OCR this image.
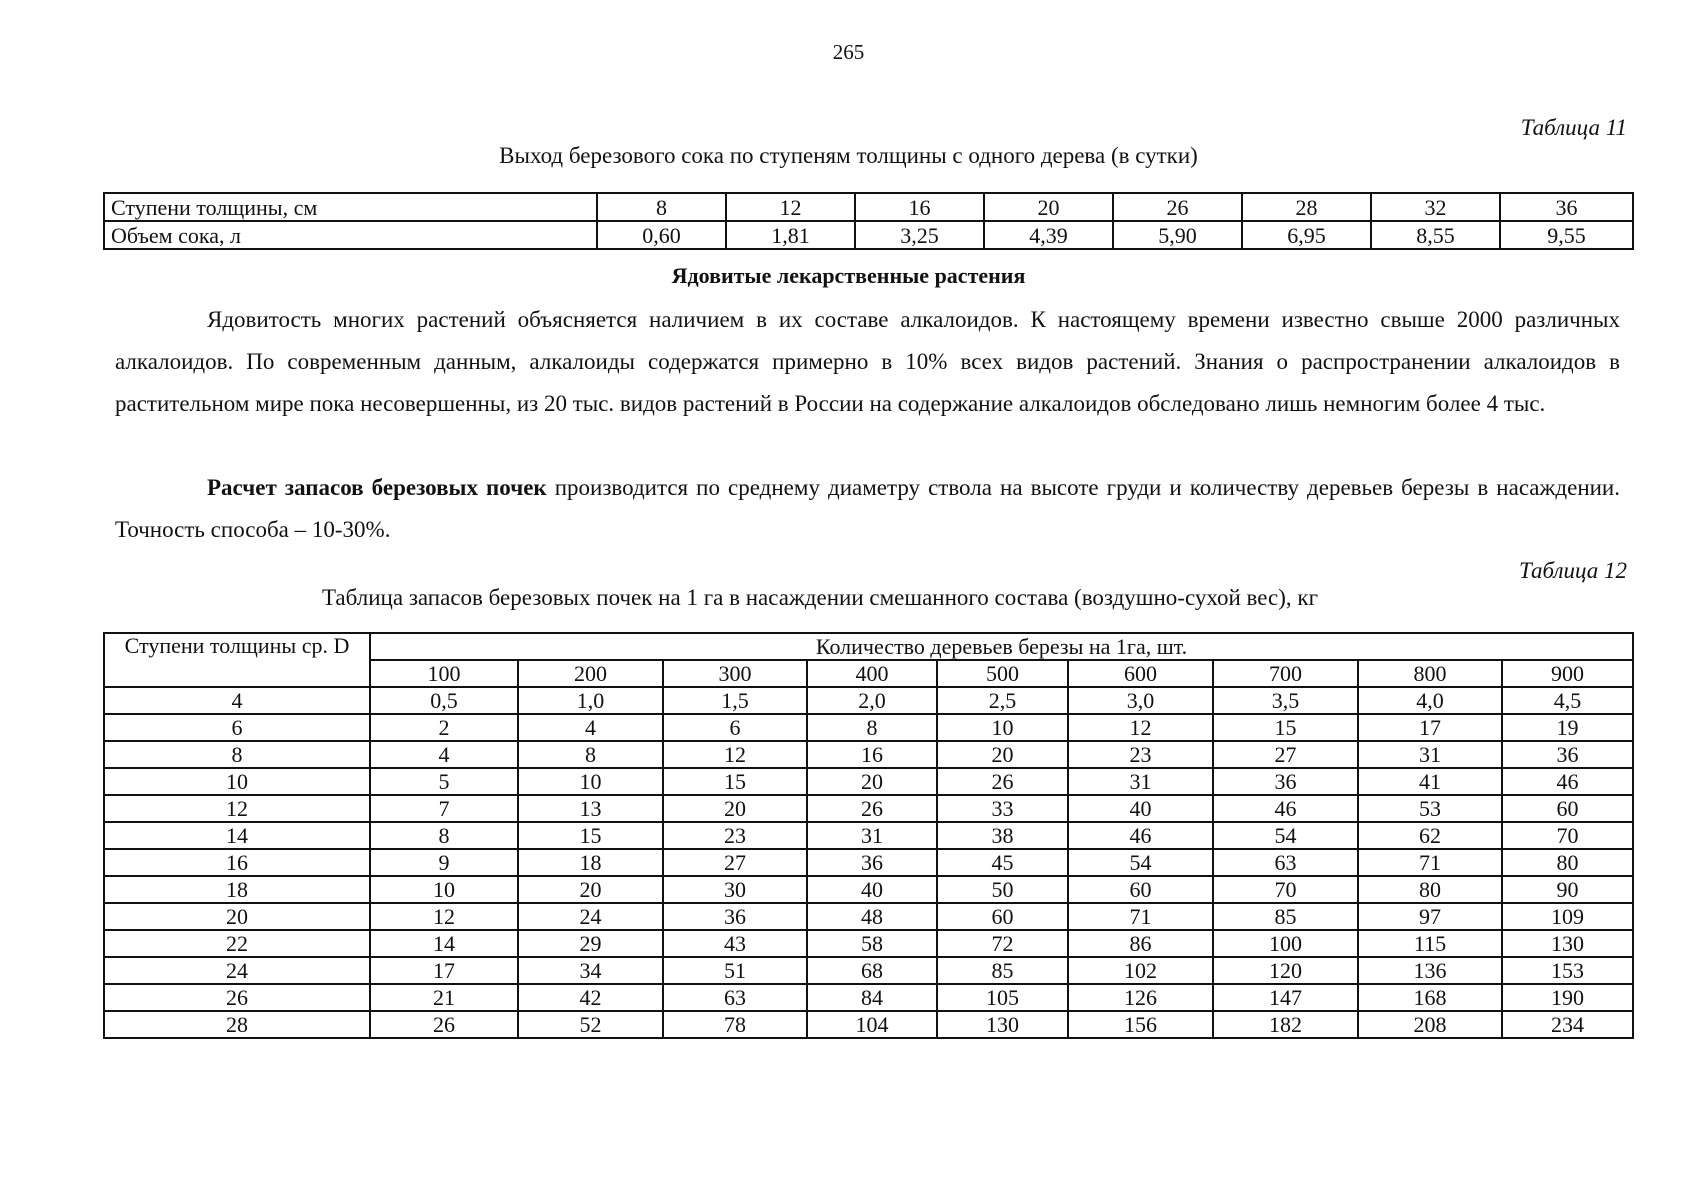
265
Таблица 11
Выход березового сока по ступеням толщины с одного дерева (в сутки)
Ступени толщины, см	8	12	16	20	26	28	32	36
Объем сока, л	0,60	1,81	3,25	4,39	5,90	6,95	8,55	9,55
Ядовитые лекарственные растения

Ядовитость многих растений объясняется наличием в их составе алкалоидов. К настоящему времени известно свыше 2000 различных алкалоидов. По современным данным, алкалоиды содержатся примерно в 10% всех видов растений. Знания о распространении алкалоидов в растительном мире пока несовершенны, из 20 тыс. видов растений в России на содержание алкалоидов обследовано лишь немногим более 4 тыс.

Расчет запасов березовых почек производится по среднему диаметру ствола на высоте груди и количеству деревьев березы в насаждении. Точность способа – 10-30%.

Таблица 12
Таблица запасов березовых почек на 1 га в насаждении смешанного состава (воздушно-сухой вес), кг
Ступени толщины ср. D	Количество деревьев березы на 1га, шт.								
	100	200	300	400	500	600	700	800	900
4	0,5	1,0	1,5	2,0	2,5	3,0	3,5	4,0	4,5
6	2	4	6	8	10	12	15	17	19
8	4	8	12	16	20	23	27	31	36
10	5	10	15	20	26	31	36	41	46
12	7	13	20	26	33	40	46	53	60
14	8	15	23	31	38	46	54	62	70
16	9	18	27	36	45	54	63	71	80
18	10	20	30	40	50	60	70	80	90
20	12	24	36	48	60	71	85	97	109
22	14	29	43	58	72	86	100	115	130
24	17	34	51	68	85	102	120	136	153
26	21	42	63	84	105	126	147	168	190
28	26	52	78	104	130	156	182	208	234
